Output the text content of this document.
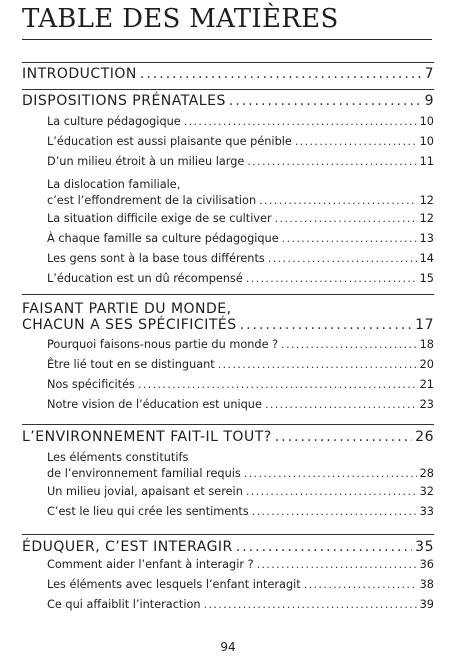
TABLE DES MATIÈRES
INTRODUCTION .....	7
DISPOSITIONS PRÉNATALES .....	9
La culture pédagogique .....	10
L’éducation est aussi plaisante que pénible .....	10
D’un milieu étroit à un milieu large .....	11
La dislocation familiale,
c’est l’effondrement de la civilisation .....	12
La situation difficile exige de se cultiver .....	12
À chaque famille sa culture pédagogique .....	13
Les gens sont à la base tous différents .....	14
L’éducation est un dû récompensé .....	15
FAISANT PARTIE DU MONDE,
CHACUN A SES SPÉCIFICITÉS .....	17
Pourquoi faisons-nous partie du monde ? .....	18
Être lié tout en se distinguant .....	20
Nos spécificités .....	21
Notre vision de l’éducation est unique .....	23
L’ENVIRONNEMENT FAIT-IL TOUT? .....	26
Les éléments constitutifs
de l’environnement familial requis .....	28
Un milieu jovial, apaisant et serein .....	32
C’est le lieu qui crée les sentiments .....	33
ÉDUQUER, C’EST INTERAGIR .....	35
Comment aider l’enfant à interagir ? .....	36
Les éléments avec lesquels l’enfant interagit .....	38
Ce qui affaiblit l’interaction .....	39
94
